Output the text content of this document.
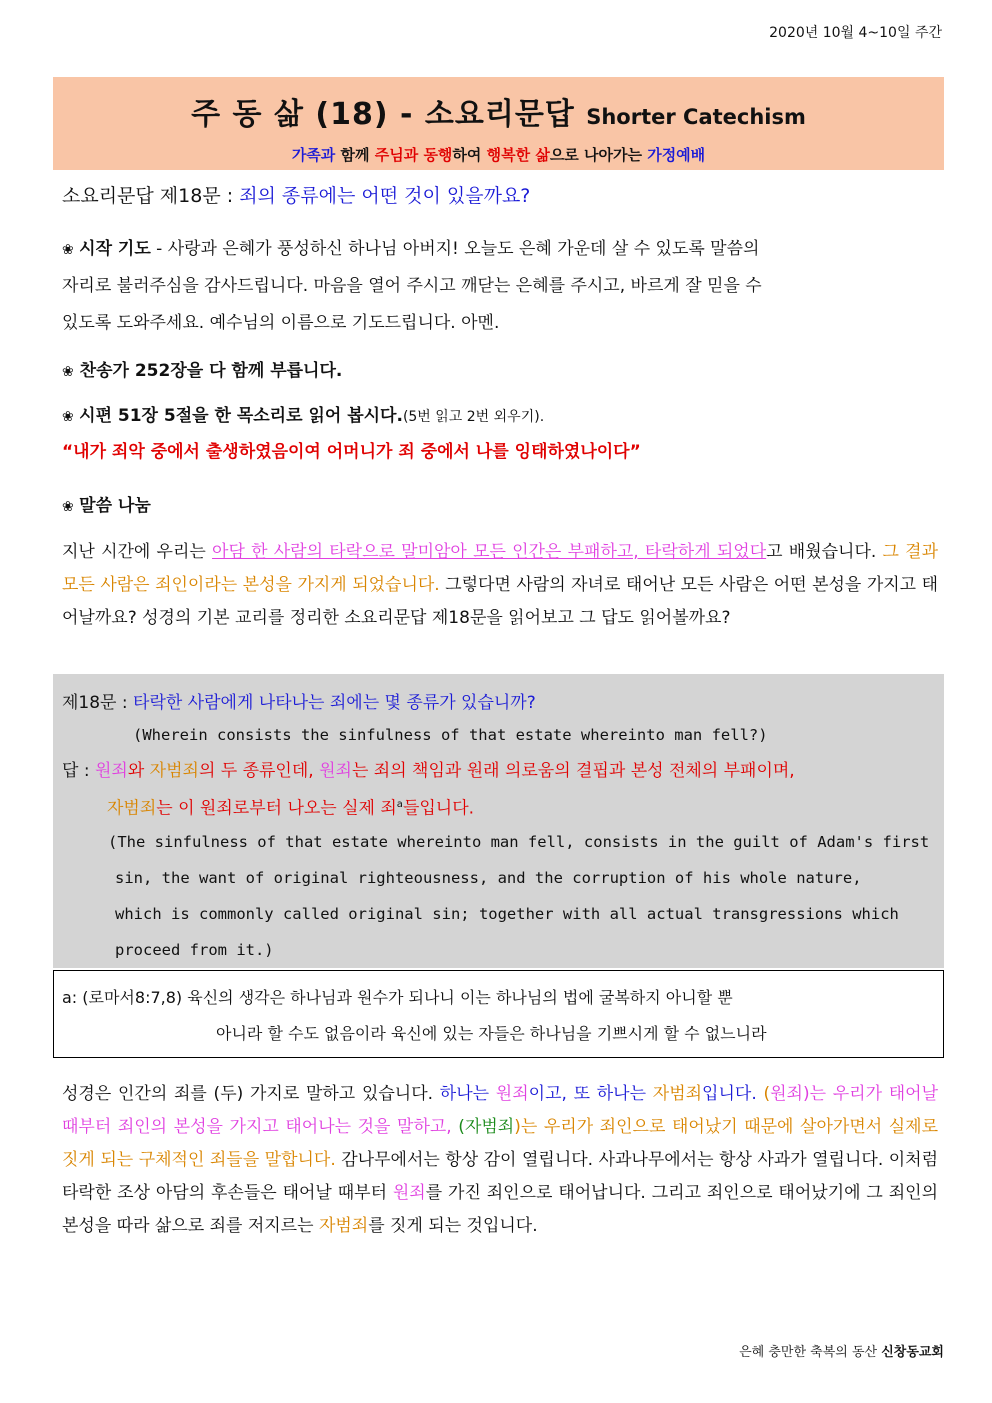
2020년 10월 4~10일 주간
주 동 삶 (18) - 소요리문답 Shorter Catechism
가족과 함께 주님과 동행하여 행복한 삶으로 나아가는 가정예배
소요리문답 제18문 : 죄의 종류에는 어떤 것이 있을까요?
❀ 시작 기도 - 사랑과 은혜가 풍성하신 하나님 아버지! 오늘도 은혜 가운데 살 수 있도록 말씀의
자리로 불러주심을 감사드립니다. 마음을 열어 주시고 깨닫는 은혜를 주시고, 바르게 잘 믿을 수
있도록 도와주세요. 예수님의 이름으로 기도드립니다. 아멘.
❀ 찬송가 252장을 다 함께 부릅니다.
❀ 시편 51장 5절을 한 목소리로 읽어 봅시다.(5번 읽고 2번 외우기).
“내가 죄악 중에서 출생하였음이여 어머니가 죄 중에서 나를 잉태하였나이다”
❀ 말씀 나눔
지난 시간에 우리는 아담 한 사람의 타락으로 말미암아 모든 인간은 부패하고, 타락하게 되었다고 배웠습니다. 그 결과 모든 사람은 죄인이라는 본성을 가지게 되었습니다. 그렇다면 사람의 자녀로 태어난 모든 사람은 어떤 본성을 가지고 태어날까요? 성경의 기본 교리를 정리한 소요리문답 제18문을 읽어보고 그 답도 읽어볼까요?
제18문 : 타락한 사람에게 나타나는 죄에는 몇 종류가 있습니까?
(Wherein consists the sinfulness of that estate whereinto man fell?)
답 : 원죄와 자범죄의 두 종류인데, 원죄는 죄의 책임과 원래 의로움의 결핍과 본성 전체의 부패이며,
자범죄는 이 원죄로부터 나오는 실제 죄$^a$들입니다.
(The sinfulness of that estate whereinto man fell, consists in the guilt of Adam's first
sin, the want of original righteousness, and the corruption of his whole nature,
which is commonly called original sin; together with all actual transgressions which
proceed from it.)
a: (로마서8:7,8) 육신의 생각은 하나님과 원수가 되나니 이는 하나님의 법에 굴복하지 아니할 뿐
아니라 할 수도 없음이라 육신에 있는 자들은 하나님을 기쁘시게 할 수 없느니라
성경은 인간의 죄를 (두) 가지로 말하고 있습니다. 하나는 원죄이고, 또 하나는 자범죄입니다. (원죄)는 우리가 태어날 때부터 죄인의 본성을 가지고 태어나는 것을 말하고, (자범죄)는 우리가 죄인으로 태어났기 때문에 살아가면서 실제로 짓게 되는 구체적인 죄들을 말합니다. 감나무에서는 항상 감이 열립니다. 사과나무에서는 항상 사과가 열립니다. 이처럼 타락한 조상 아담의 후손들은 태어날 때부터 원죄를 가진 죄인으로 태어납니다. 그리고 죄인으로 태어났기에 그 죄인의 본성을 따라 삶으로 죄를 저지르는 자범죄를 짓게 되는 것입니다.
은혜 충만한 축복의 동산 신창동교회
